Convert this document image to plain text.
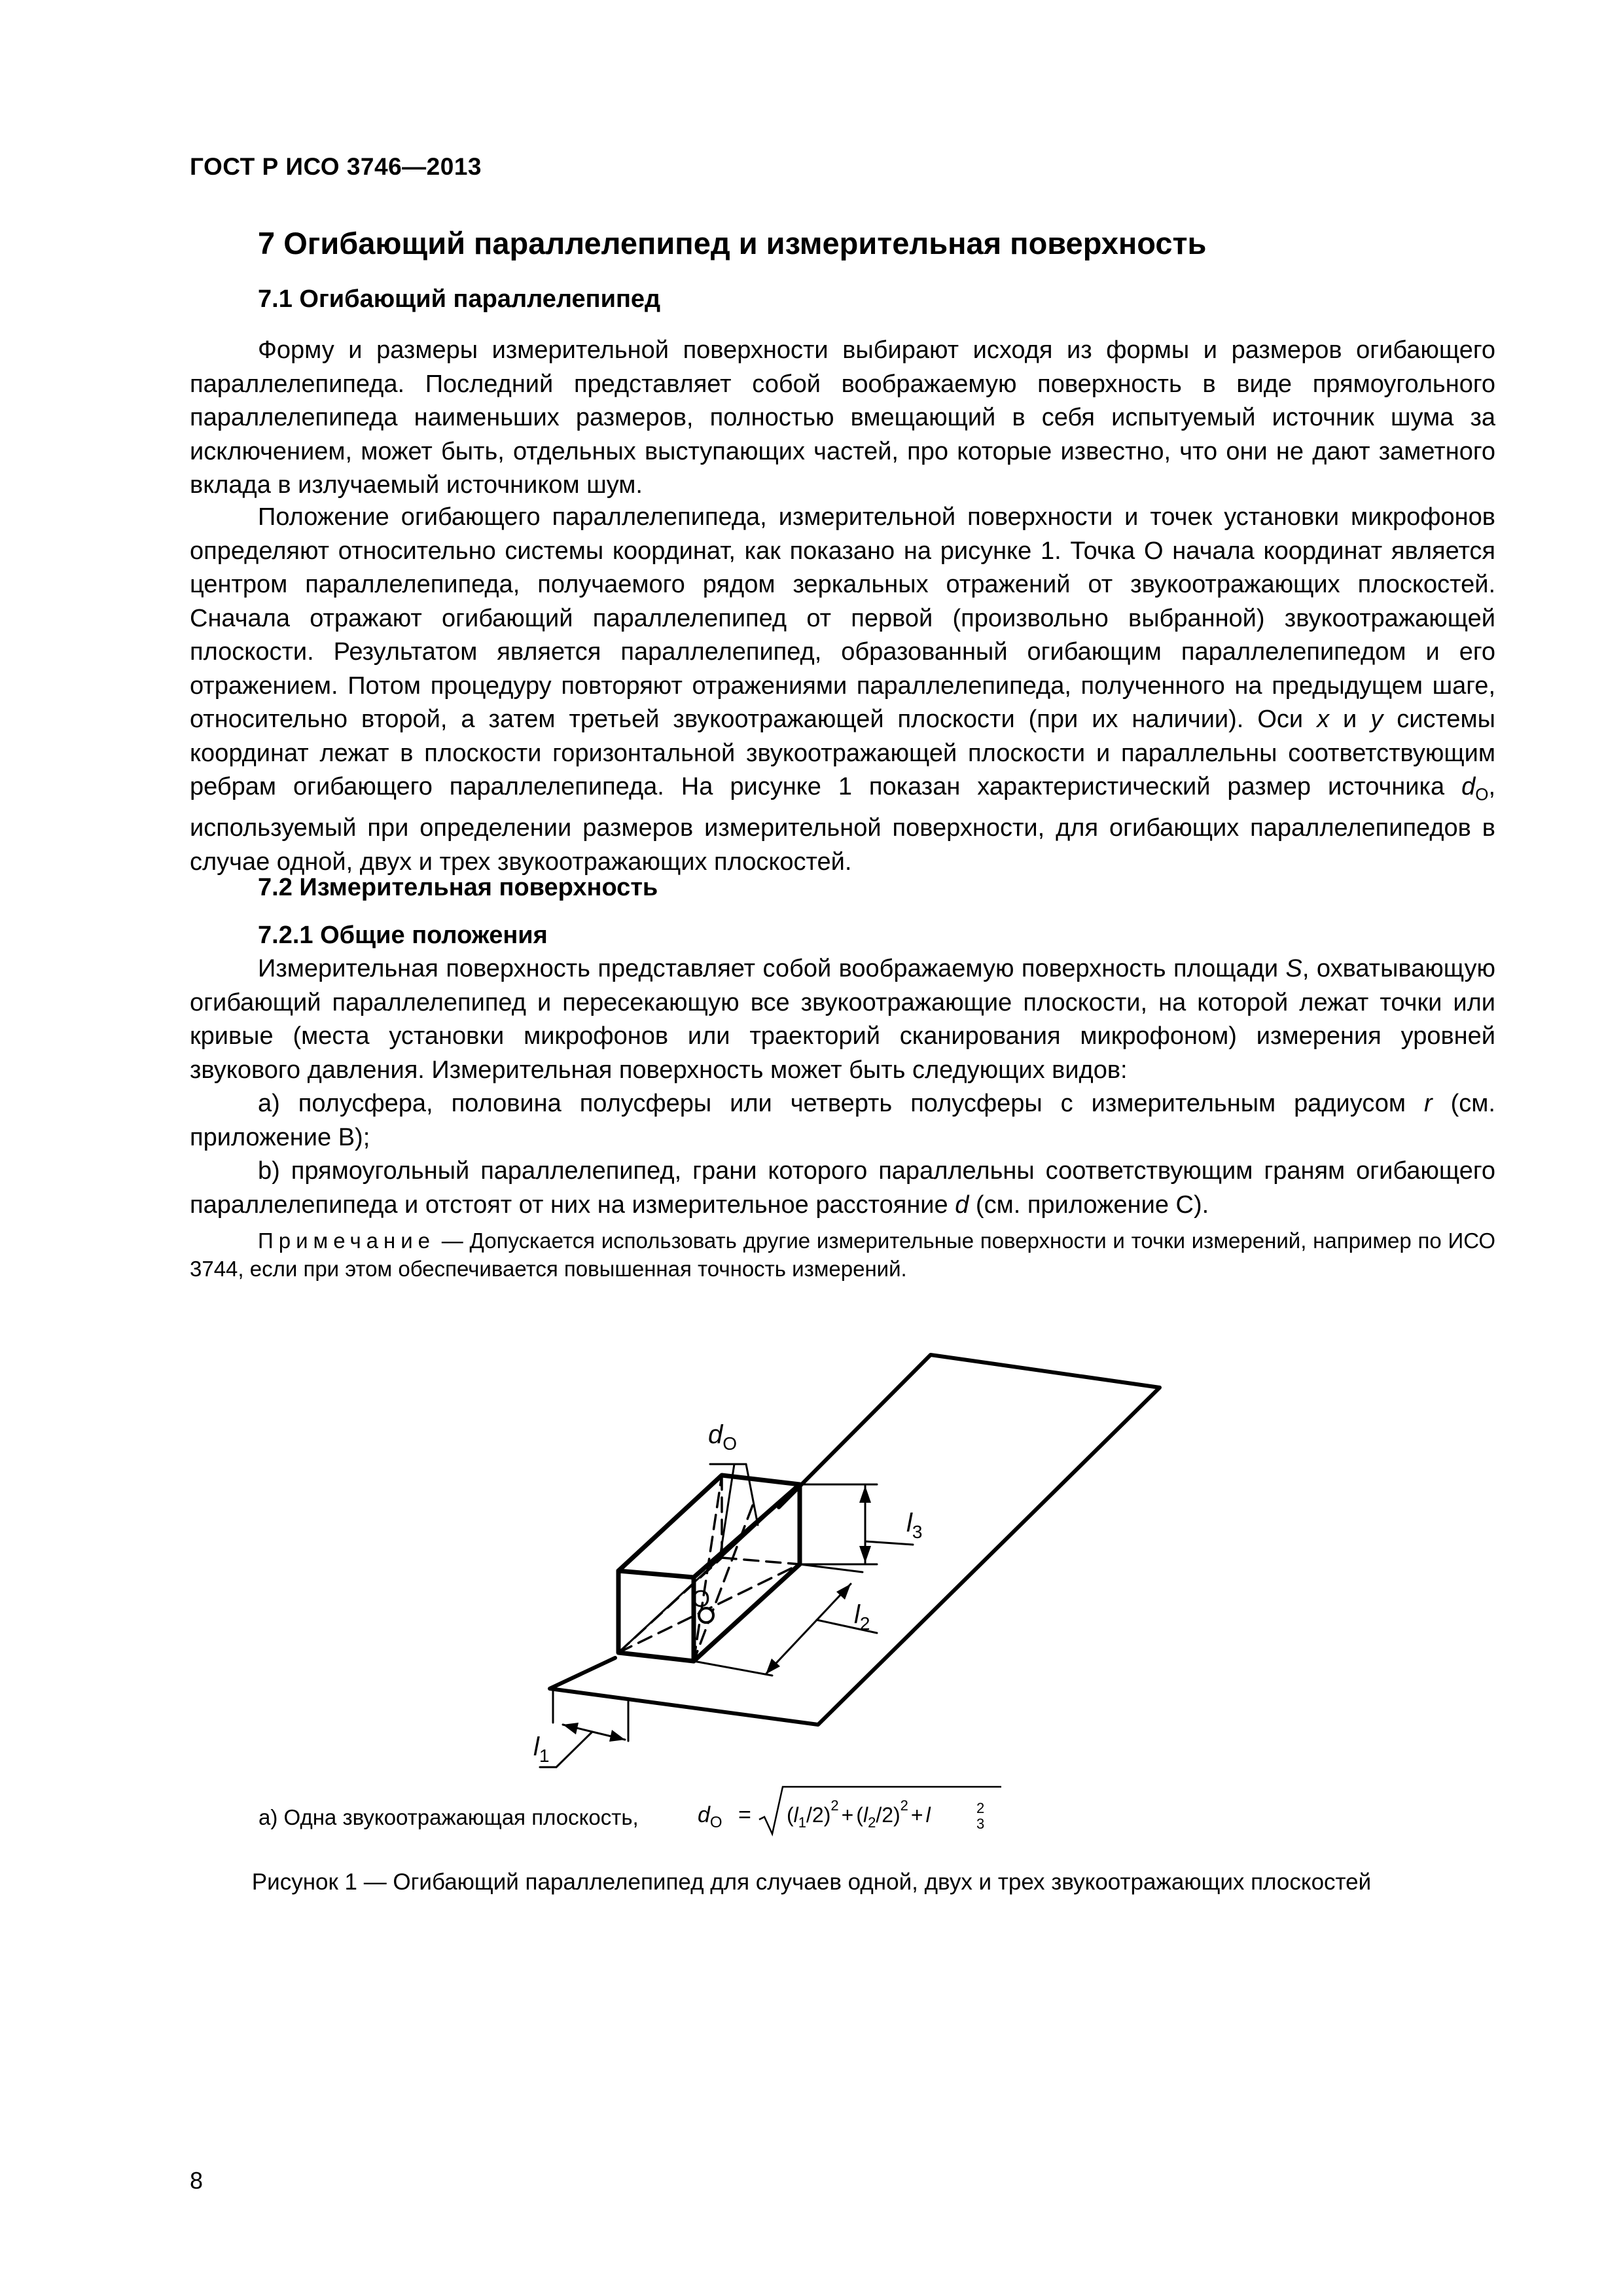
ГОСТ Р ИСО 3746—2013
7 Огибающий параллелепипед и измерительная поверхность
7.1 Огибающий параллелепипед

Форму и размеры измерительной поверхности выбирают исходя из формы и размеров огибающего параллелепипеда. Последний представляет собой воображаемую поверхность в виде прямоугольного параллелепипеда наименьших размеров, полностью вмещающий в себя испытуемый источник шума за исключением, может быть, отдельных выступающих частей, про которые известно, что они не дают заметного вклада в излучаемый источником шум.

Положение огибающего параллелепипеда, измерительной поверхности и точек установки микрофонов определяют относительно системы координат, как показано на рисунке 1. Точка О начала координат является центром параллелепипеда, получаемого рядом зеркальных отражений от звукоотражающих плоскостей. Сначала отражают огибающий параллелепипед от первой (произвольно выбранной) звукоотражающей плоскости. Результатом является параллелепипед, образованный огибающим параллелепипедом и его отражением. Потом процедуру повторяют отражениями параллелепипеда, полученного на предыдущем шаге, относительно второй, а затем третьей звукоотражающей плоскости (при их наличии). Оси x и y системы координат лежат в плоскости горизонтальной звукоотражающей плоскости и параллельны соответствующим ребрам огибающего параллелепипеда. На рисунке 1 показан характеристический размер источника $d_O$, используемый при определении размеров измерительной поверхности, для огибающих параллелепипедов в случае одной, двух и трех звукоотражающих плоскостей.

7.2 Измерительная поверхность
7.2.1 Общие положения

Измерительная поверхность представляет собой воображаемую поверхность площади S, охватывающую огибающий параллелепипед и пересекающую все звукоотражающие плоскости, на которой лежат точки или кривые (места установки микрофонов или траекторий сканирования микрофоном) измерения уровней звукового давления. Измерительная поверхность может быть следующих видов:

a) полусфера, половина полусферы или четверть полусферы с измерительным радиусом r (см. приложение В);

b) прямоугольный параллелепипед, грани которого параллельны соответствующим граням огибающего параллелепипеда и отстоят от них на измерительное расстояние d (см. приложение С).

Примечание — Допускается использовать другие измерительные поверхности и точки измерений, например по ИСО 3744, если при этом обеспечивается повышенная точность измерений.

$d_O$
$l_3$
$l_2$
$l_1$
O
а) Одна звукоотражающая плоскость,	$d_O = (l_1/2)^2 + (l_2/2)^2 + l$	2
3
Рисунок 1 — Огибающий параллелепипед для случаев одной, двух и трех звукоотражающих плоскостей
8
